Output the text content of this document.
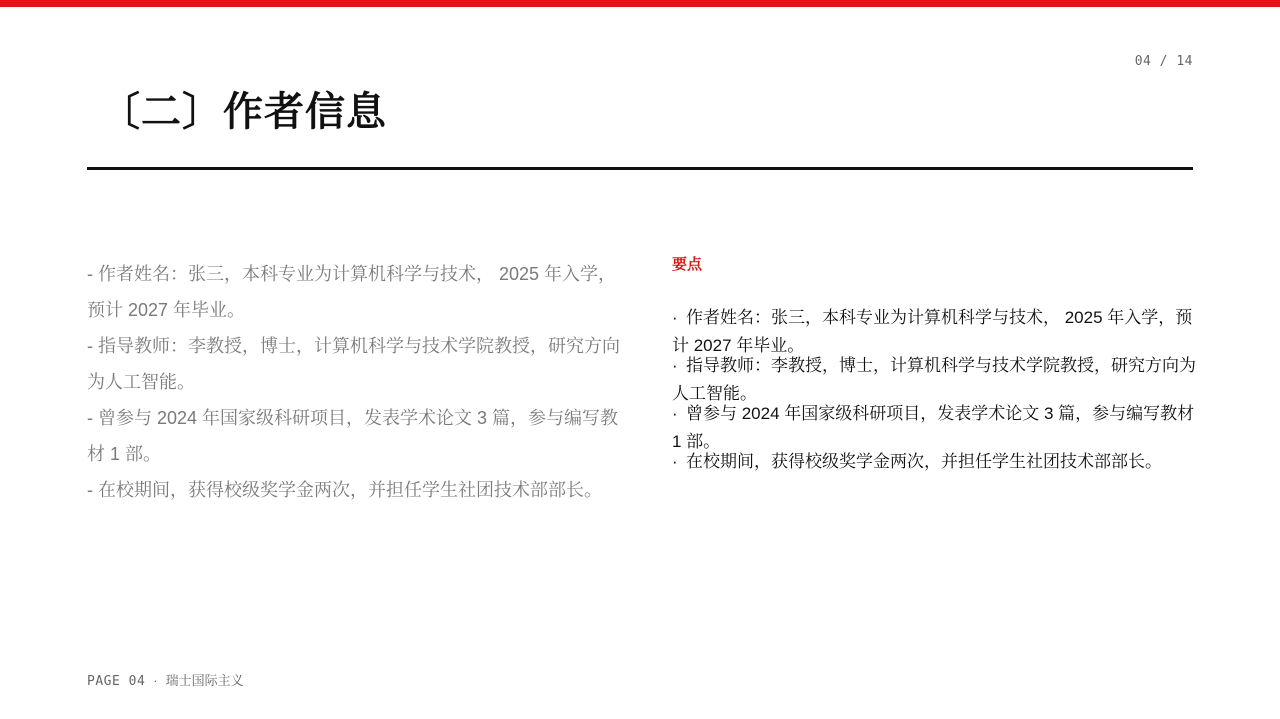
04 / 14
〔二〕作者信息
- 作者姓名：张三，本科专业为计算机科学与技术， 2025 年入学，预计 2027 年毕业。
- 指导教师：李教授，博士，计算机科学与技术学院教授，研究方向为人工智能。
- 曾参与 2024 年国家级科研项目，发表学术论文 3 篇，参与编写教材 1 部。
- 在校期间，获得校级奖学金两次，并担任学生社团技术部部长。

要点

· 作者姓名：张三，本科专业为计算机科学与技术， 2025 年入学，预计 2027 年毕业。
· 指导教师：李教授，博士，计算机科学与技术学院教授，研究方向为人工智能。
· 曾参与 2024 年国家级科研项目，发表学术论文 3 篇，参与编写教材 1 部。
· 在校期间，获得校级奖学金两次，并担任学生社团技术部部长。
PAGE 04 · 瑞士国际主义
